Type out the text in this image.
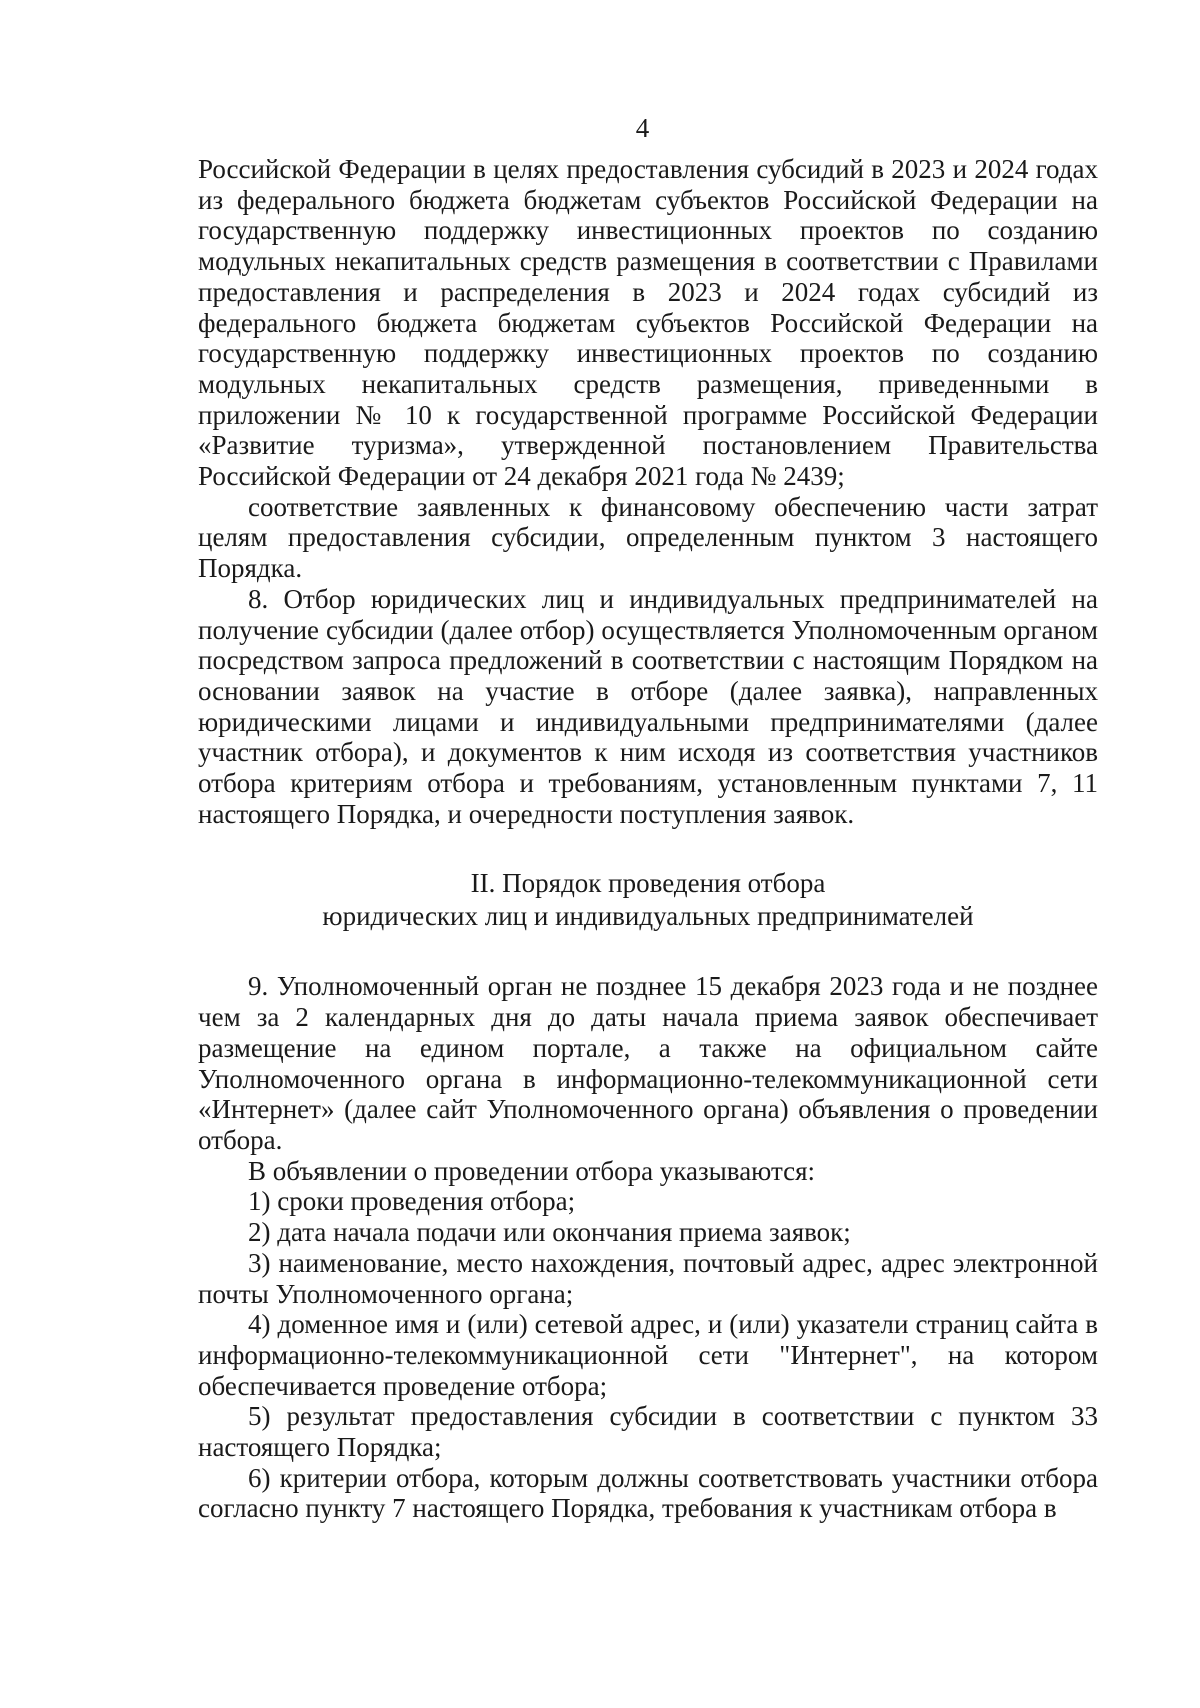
4

Российской Федерации в целях предоставления субсидий в 2023 и 2024 годах из федерального бюджета бюджетам субъектов Российской Федерации на государственную поддержку инвестиционных проектов по созданию модульных некапитальных средств размещения в соответствии с Правилами предоставления и распределения в 2023 и 2024 годах субсидий из федерального бюджета бюджетам субъектов Российской Федерации на государственную поддержку инвестиционных проектов по созданию модульных некапитальных средств размещения, приведенными в приложении № 10 к государственной программе Российской Федерации «Развитие туризма», утвержденной постановлением Правительства Российской Федерации от 24 декабря 2021 года № 2439;

соответствие заявленных к финансовому обеспечению части затрат целям предоставления субсидии, определенным пунктом 3 настоящего Порядка.

8. Отбор юридических лиц и индивидуальных предпринимателей на получение субсидии (далее отбор) осуществляется Уполномоченным органом посредством запроса предложений в соответствии с настоящим Порядком на основании заявок на участие в отборе (далее заявка), направленных юридическими лицами и индивидуальными предпринимателями (далее участник отбора), и документов к ним исходя из соответствия участников отбора критериям отбора и требованиям, установленным пунктами 7, 11 настоящего Порядка, и очередности поступления заявок.

II. Порядок проведения отбора
юридических лиц и индивидуальных предпринимателей

9. Уполномоченный орган не позднее 15 декабря 2023 года и не позднее чем за 2 календарных дня до даты начала приема заявок обеспечивает размещение на едином портале, а также на официальном сайте Уполномоченного органа в информационно-телекоммуникационной сети «Интернет» (далее сайт Уполномоченного органа) объявления о проведении отбора.

В объявлении о проведении отбора указываются:

1) сроки проведения отбора;

2) дата начала подачи или окончания приема заявок;

3) наименование, место нахождения, почтовый адрес, адрес электронной почты Уполномоченного органа;

4) доменное имя и (или) сетевой адрес, и (или) указатели страниц сайта в информационно-телекоммуникационной сети "Интернет", на котором обеспечивается проведение отбора;

5) результат предоставления субсидии в соответствии с пунктом 33 настоящего Порядка;

6) критерии отбора, которым должны соответствовать участники отбора согласно пункту 7 настоящего Порядка, требования к участникам отбора в
